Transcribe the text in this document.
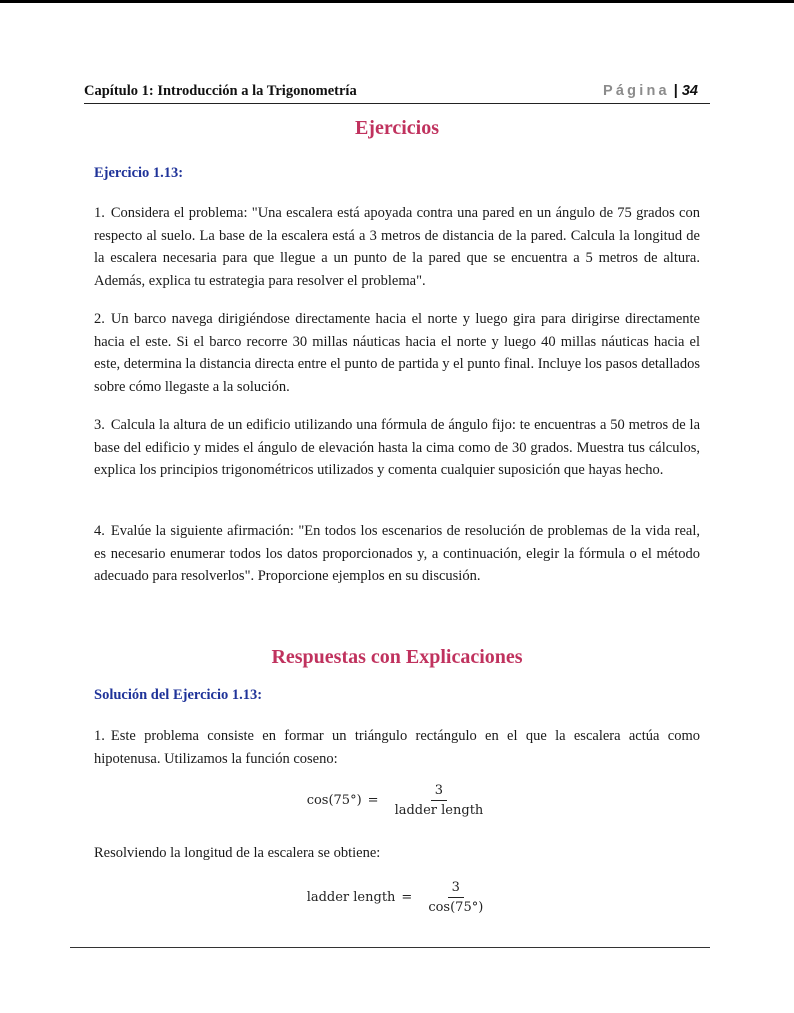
Capítulo 1: Introducción a la Trigonometría	Página | 34
Ejercicios
Ejercicio 1.13:

1. Considera el problema: "Una escalera está apoyada contra una pared en un ángulo de 75 grados con respecto al suelo. La base de la escalera está a 3 metros de distancia de la pared. Calcula la longitud de la escalera necesaria para que llegue a un punto de la pared que se encuentra a 5 metros de altura. Además, explica tu estrategia para resolver el problema".

2. Un barco navega dirigiéndose directamente hacia el norte y luego gira para dirigirse directamente hacia el este. Si el barco recorre 30 millas náuticas hacia el norte y luego 40 millas náuticas hacia el este, determina la distancia directa entre el punto de partida y el punto final. Incluye los pasos detallados sobre cómo llegaste a la solución.

3. Calcula la altura de un edificio utilizando una fórmula de ángulo fijo: te encuentras a 50 metros de la base del edificio y mides el ángulo de elevación hasta la cima como de 30 grados. Muestra tus cálculos, explica los principios trigonométricos utilizados y comenta cualquier suposición que hayas hecho.

4. Evalúe la siguiente afirmación: "En todos los escenarios de resolución de problemas de la vida real, es necesario enumerar todos los datos proporcionados y, a continuación, elegir la fórmula o el método adecuado para resolverlos". Proporcione ejemplos en su discusión.

Respuestas con Explicaciones
Solución del Ejercicio 1.13:

1. Este problema consiste en formar un triángulo rectángulo en el que la escalera actúa como hipotenusa. Utilizamos la función coseno:

$\cos(75^\circ) = \frac{3}{\text{ladder length}}$

Resolviendo la longitud de la escalera se obtiene:

ladder length = $\frac{3}{\cos(75^\circ)}$
